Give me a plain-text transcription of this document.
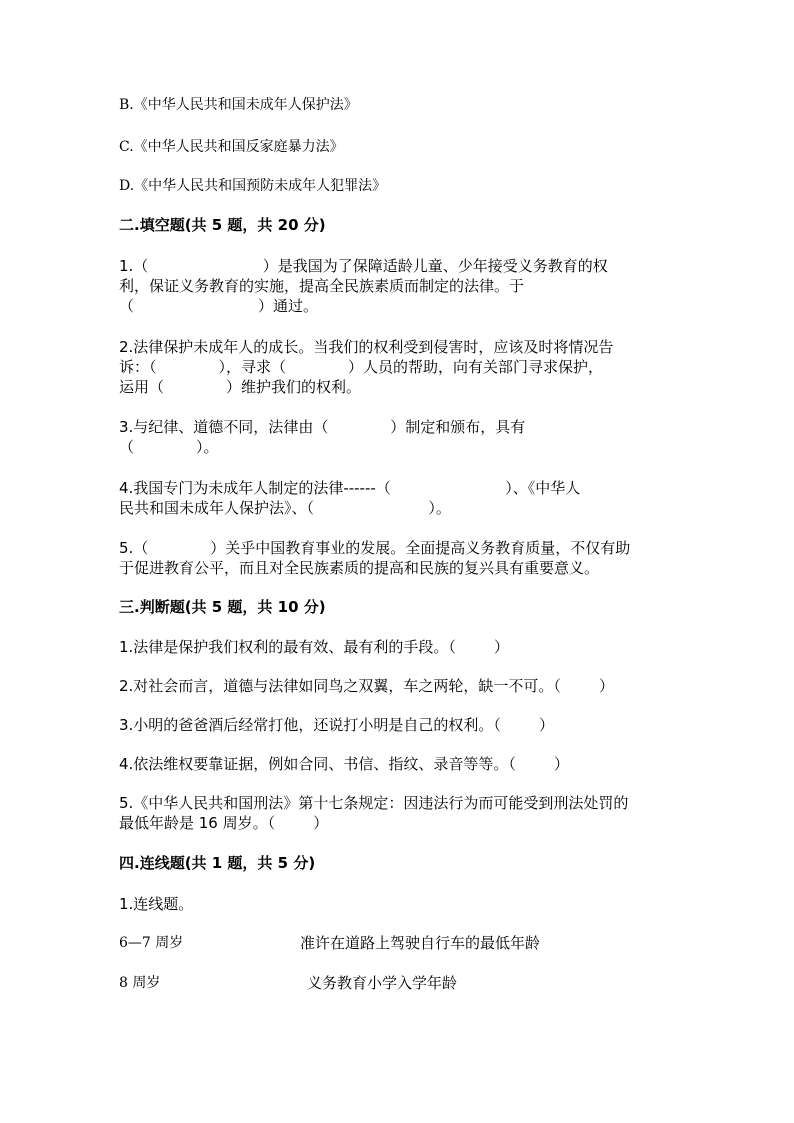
B.《中华人民共和国未成年人保护法》
C.《中华人民共和国反家庭暴力法》
D.《中华人民共和国预防未成年人犯罪法》
二.填空题(共 5 题，共 20 分)
1.（                        ）是我国为了保障适龄儿童、少年接受义务教育的权
利，保证义务教育的实施，提高全民族素质而制定的法律。于
（                          ）通过。
2.法律保护未成年人的成长。当我们的权利受到侵害时，应该及时将情况告
诉：（             ），寻求（             ）人员的帮助，向有关部门寻求保护，
运用（             ）维护我们的权利。
3.与纪律、道德不同，法律由（             ）制定和颁布，具有
（             ）。
4.我国专门为未成年人制定的法律------（                        ）、《中华人
民共和国未成年人保护法》、（                        ）。
5.（             ）关乎中国教育事业的发展。全面提高义务教育质量，不仅有助
于促进教育公平，而且对全民族素质的提高和民族的复兴具有重要意义。
三.判断题(共 5 题，共 10 分)
1.法律是保护我们权利的最有效、最有利的手段。（        ）
2.对社会而言，道德与法律如同鸟之双翼，车之两轮，缺一不可。（        ）
3.小明的爸爸酒后经常打他，还说打小明是自己的权利。（        ）
4.依法维权要靠证据，例如合同、书信、指纹、录音等等。（        ）
5.《中华人民共和国刑法》第十七条规定：因违法行为而可能受到刑法处罚的
最低年龄是 16 周岁。（        ）
四.连线题(共 1 题，共 5 分)
1.连线题。
6—7 周岁	准许在道路上驾驶自行车的最低年龄
8 周岁	义务教育小学入学年龄
